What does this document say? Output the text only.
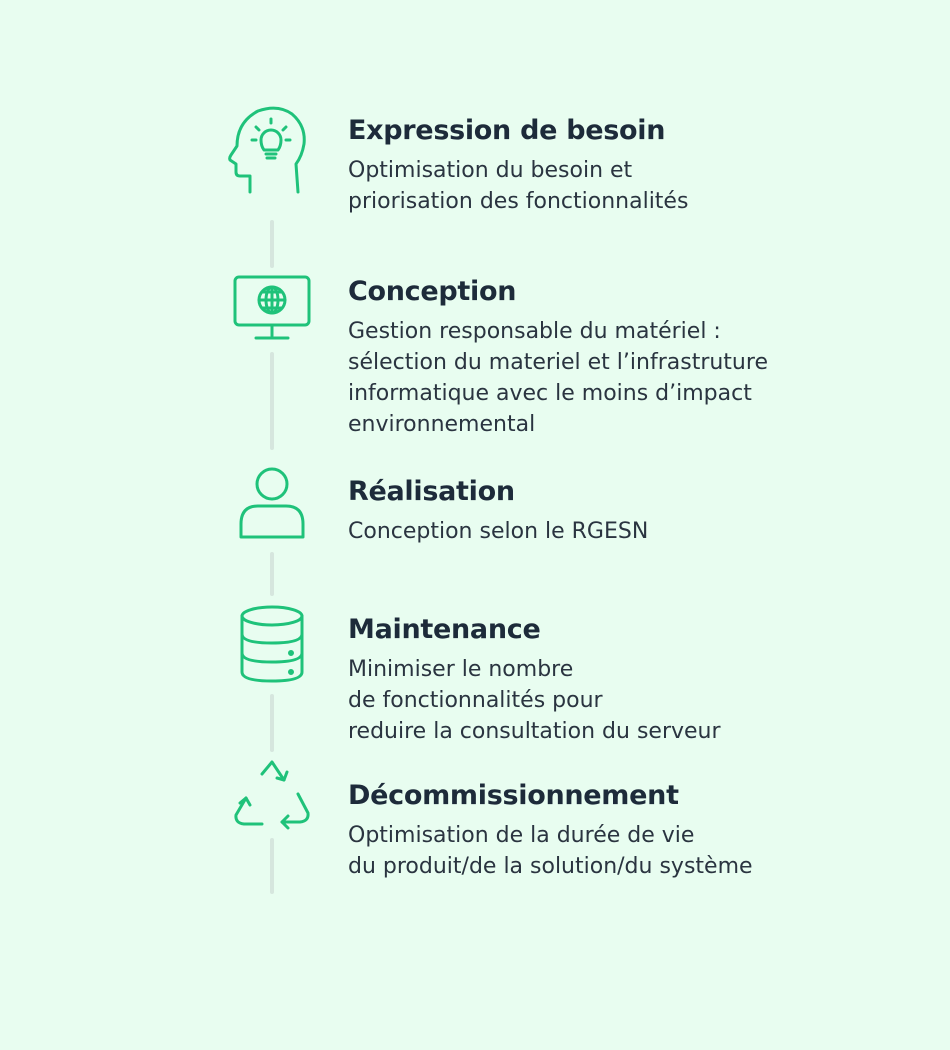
Expression de besoin

Optimisation du besoin et
priorisation des fonctionnalités

Conception

Gestion responsable du matériel :
sélection du materiel et l’infrastruture
informatique avec le moins d’impact
environnemental

Réalisation

Conception selon le RGESN

Maintenance

Minimiser le nombre
de fonctionnalités pour
reduire la consultation du serveur

Décommissionnement

Optimisation de la durée de vie
du produit/de la solution/du système
